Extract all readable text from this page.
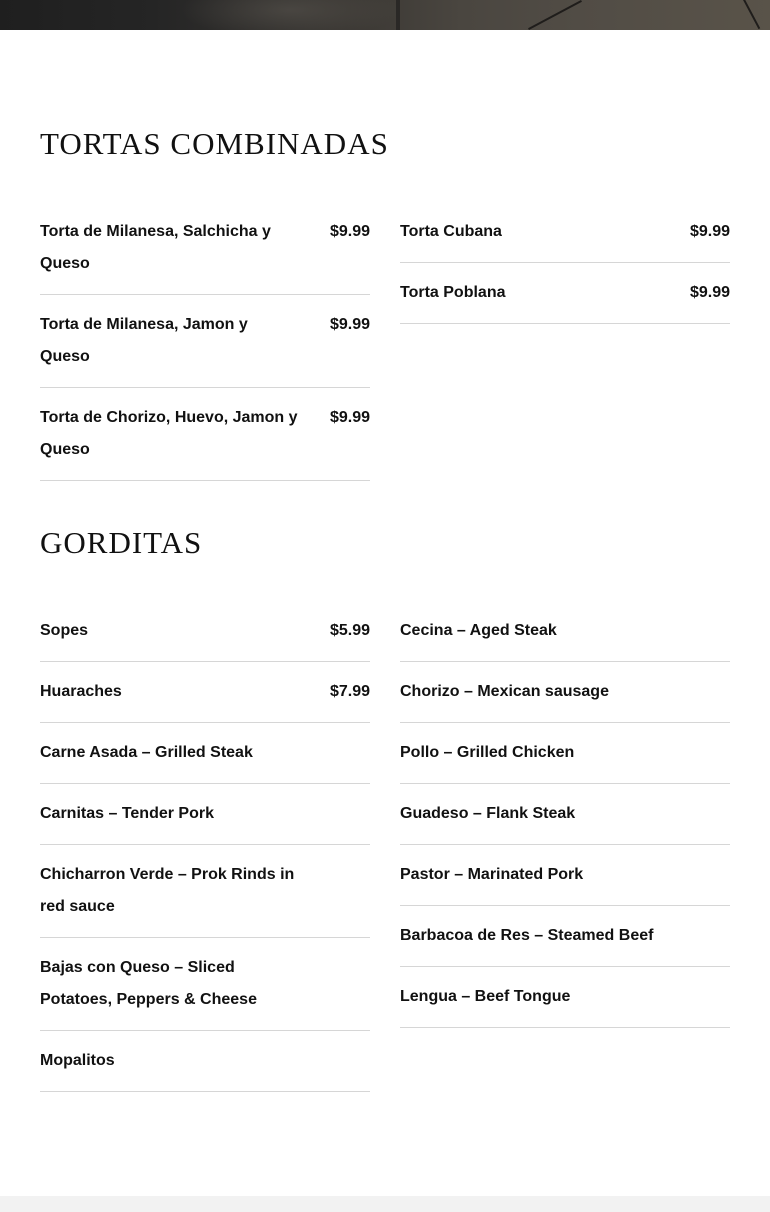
TORTAS COMBINADAS
Torta de Milanesa, Salchicha y Queso
$9.99
Torta de Milanesa, Jamon y Queso
$9.99
Torta de Chorizo, Huevo, Jamon y Queso
$9.99
Torta Cubana	$9.99
Torta Poblana	$9.99
GORDITAS
Sopes	$5.99
Huaraches	$7.99
Carne Asada – Grilled Steak
Carnitas – Tender Pork
Chicharron Verde – Prok Rinds in red sauce
Bajas con Queso – Sliced Potatoes, Peppers & Cheese
Mopalitos
Cecina – Aged Steak
Chorizo – Mexican sausage
Pollo – Grilled Chicken
Guadeso – Flank Steak
Pastor – Marinated Pork
Barbacoa de Res – Steamed Beef
Lengua – Beef Tongue
